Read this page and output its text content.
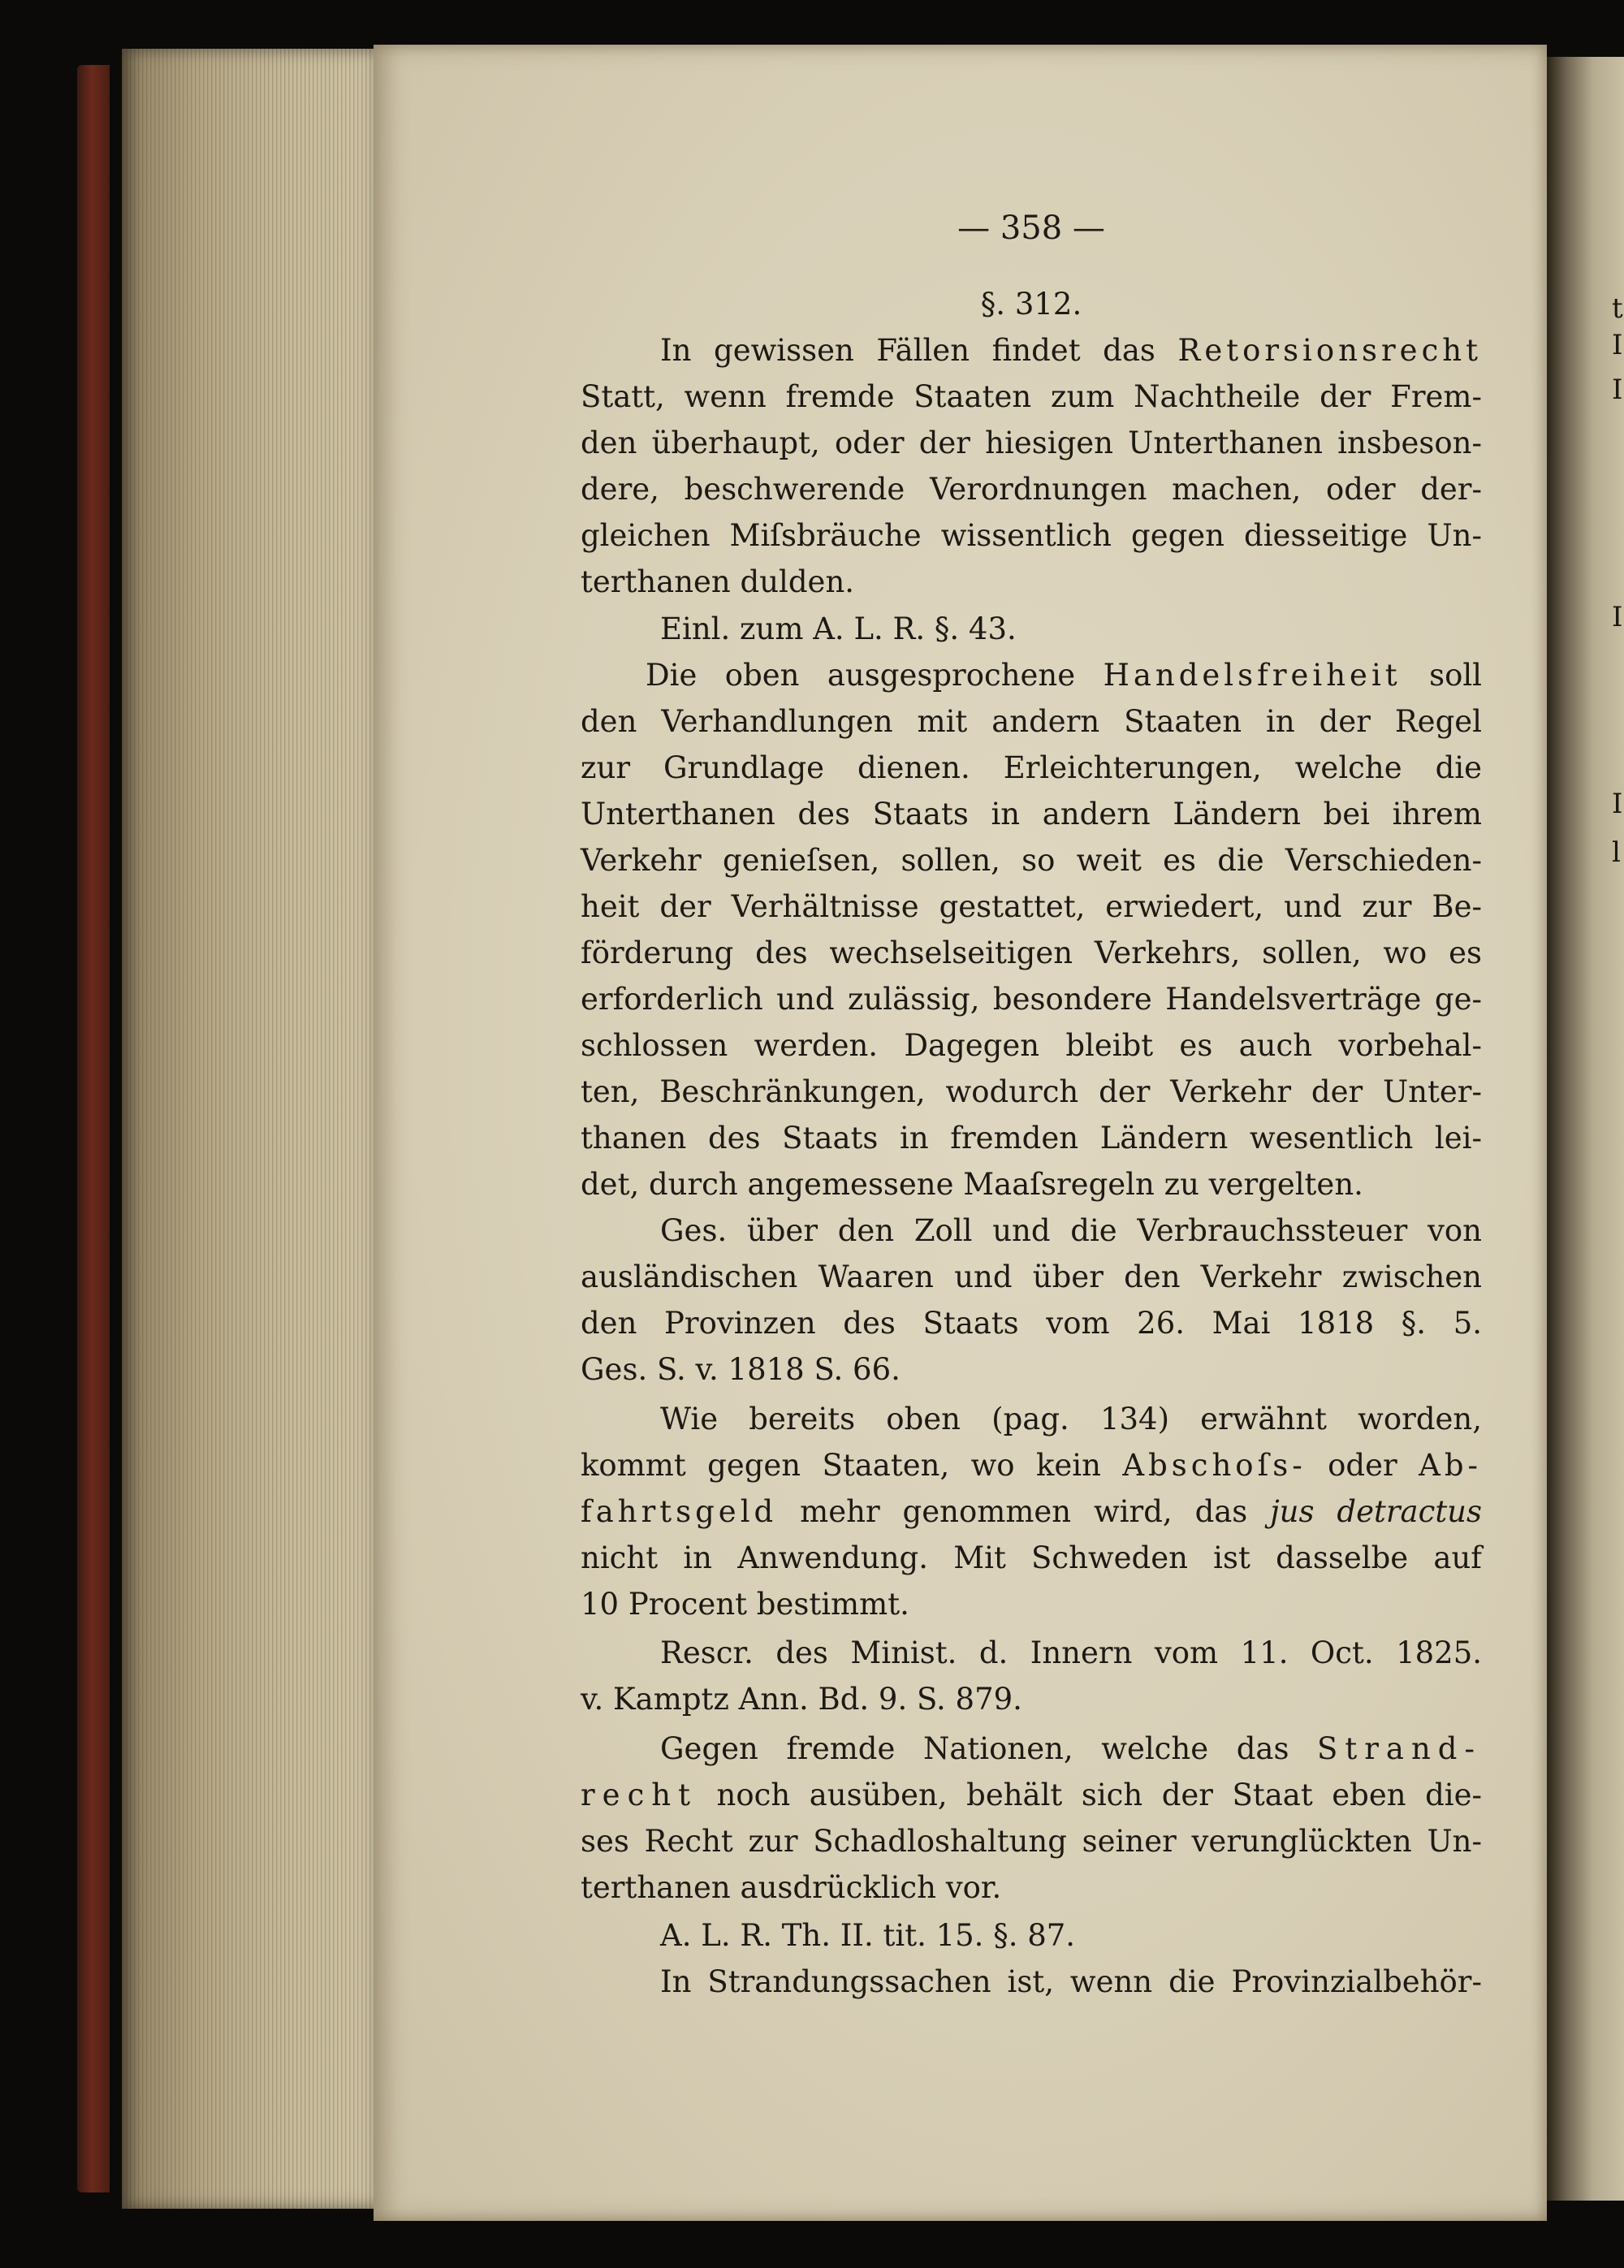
t
I
I
I
I
l
— 358 —
§. 312.
In gewissen Fällen findet das Retorsionsrecht
Statt, wenn fremde Staaten zum Nachtheile der Frem-
den überhaupt, oder der hiesigen Unterthanen insbeson-
dere, beschwerende Verordnungen machen, oder der-
gleichen Miſsbräuche wissentlich gegen diesseitige Un-
terthanen dulden.
Einl. zum A. L. R. §. 43.
Die oben ausgesprochene Handelsfreiheit soll
den Verhandlungen mit andern Staaten in der Regel
zur Grundlage dienen. Erleichterungen, welche die
Unterthanen des Staats in andern Ländern bei ihrem
Verkehr genieſsen, sollen, so weit es die Verschieden-
heit der Verhältnisse gestattet, erwiedert, und zur Be-
förderung des wechselseitigen Verkehrs, sollen, wo es
erforderlich und zulässig, besondere Handelsverträge ge-
schlossen werden. Dagegen bleibt es auch vorbehal-
ten, Beschränkungen, wodurch der Verkehr der Unter-
thanen des Staats in fremden Ländern wesentlich lei-
det, durch angemessene Maaſsregeln zu vergelten.
Ges. über den Zoll und die Verbrauchssteuer von
ausländischen Waaren und über den Verkehr zwischen
den Provinzen des Staats vom 26. Mai 1818 §. 5.
Ges. S. v. 1818 S. 66.
Wie bereits oben (pag. 134) erwähnt worden,
kommt gegen Staaten, wo kein Abschoſs- oder Ab-
fahrtsgeld mehr genommen wird, das jus detractus
nicht in Anwendung. Mit Schweden ist dasselbe auf
10 Procent bestimmt.
Rescr. des Minist. d. Innern vom 11. Oct. 1825.
v. Kamptz Ann. Bd. 9. S. 879.
Gegen fremde Nationen, welche das Strand-
recht noch ausüben, behält sich der Staat eben die-
ses Recht zur Schadloshaltung seiner verunglückten Un-
terthanen ausdrücklich vor.
A. L. R. Th. II. tit. 15. §. 87.
In Strandungssachen ist, wenn die Provinzialbehör-
